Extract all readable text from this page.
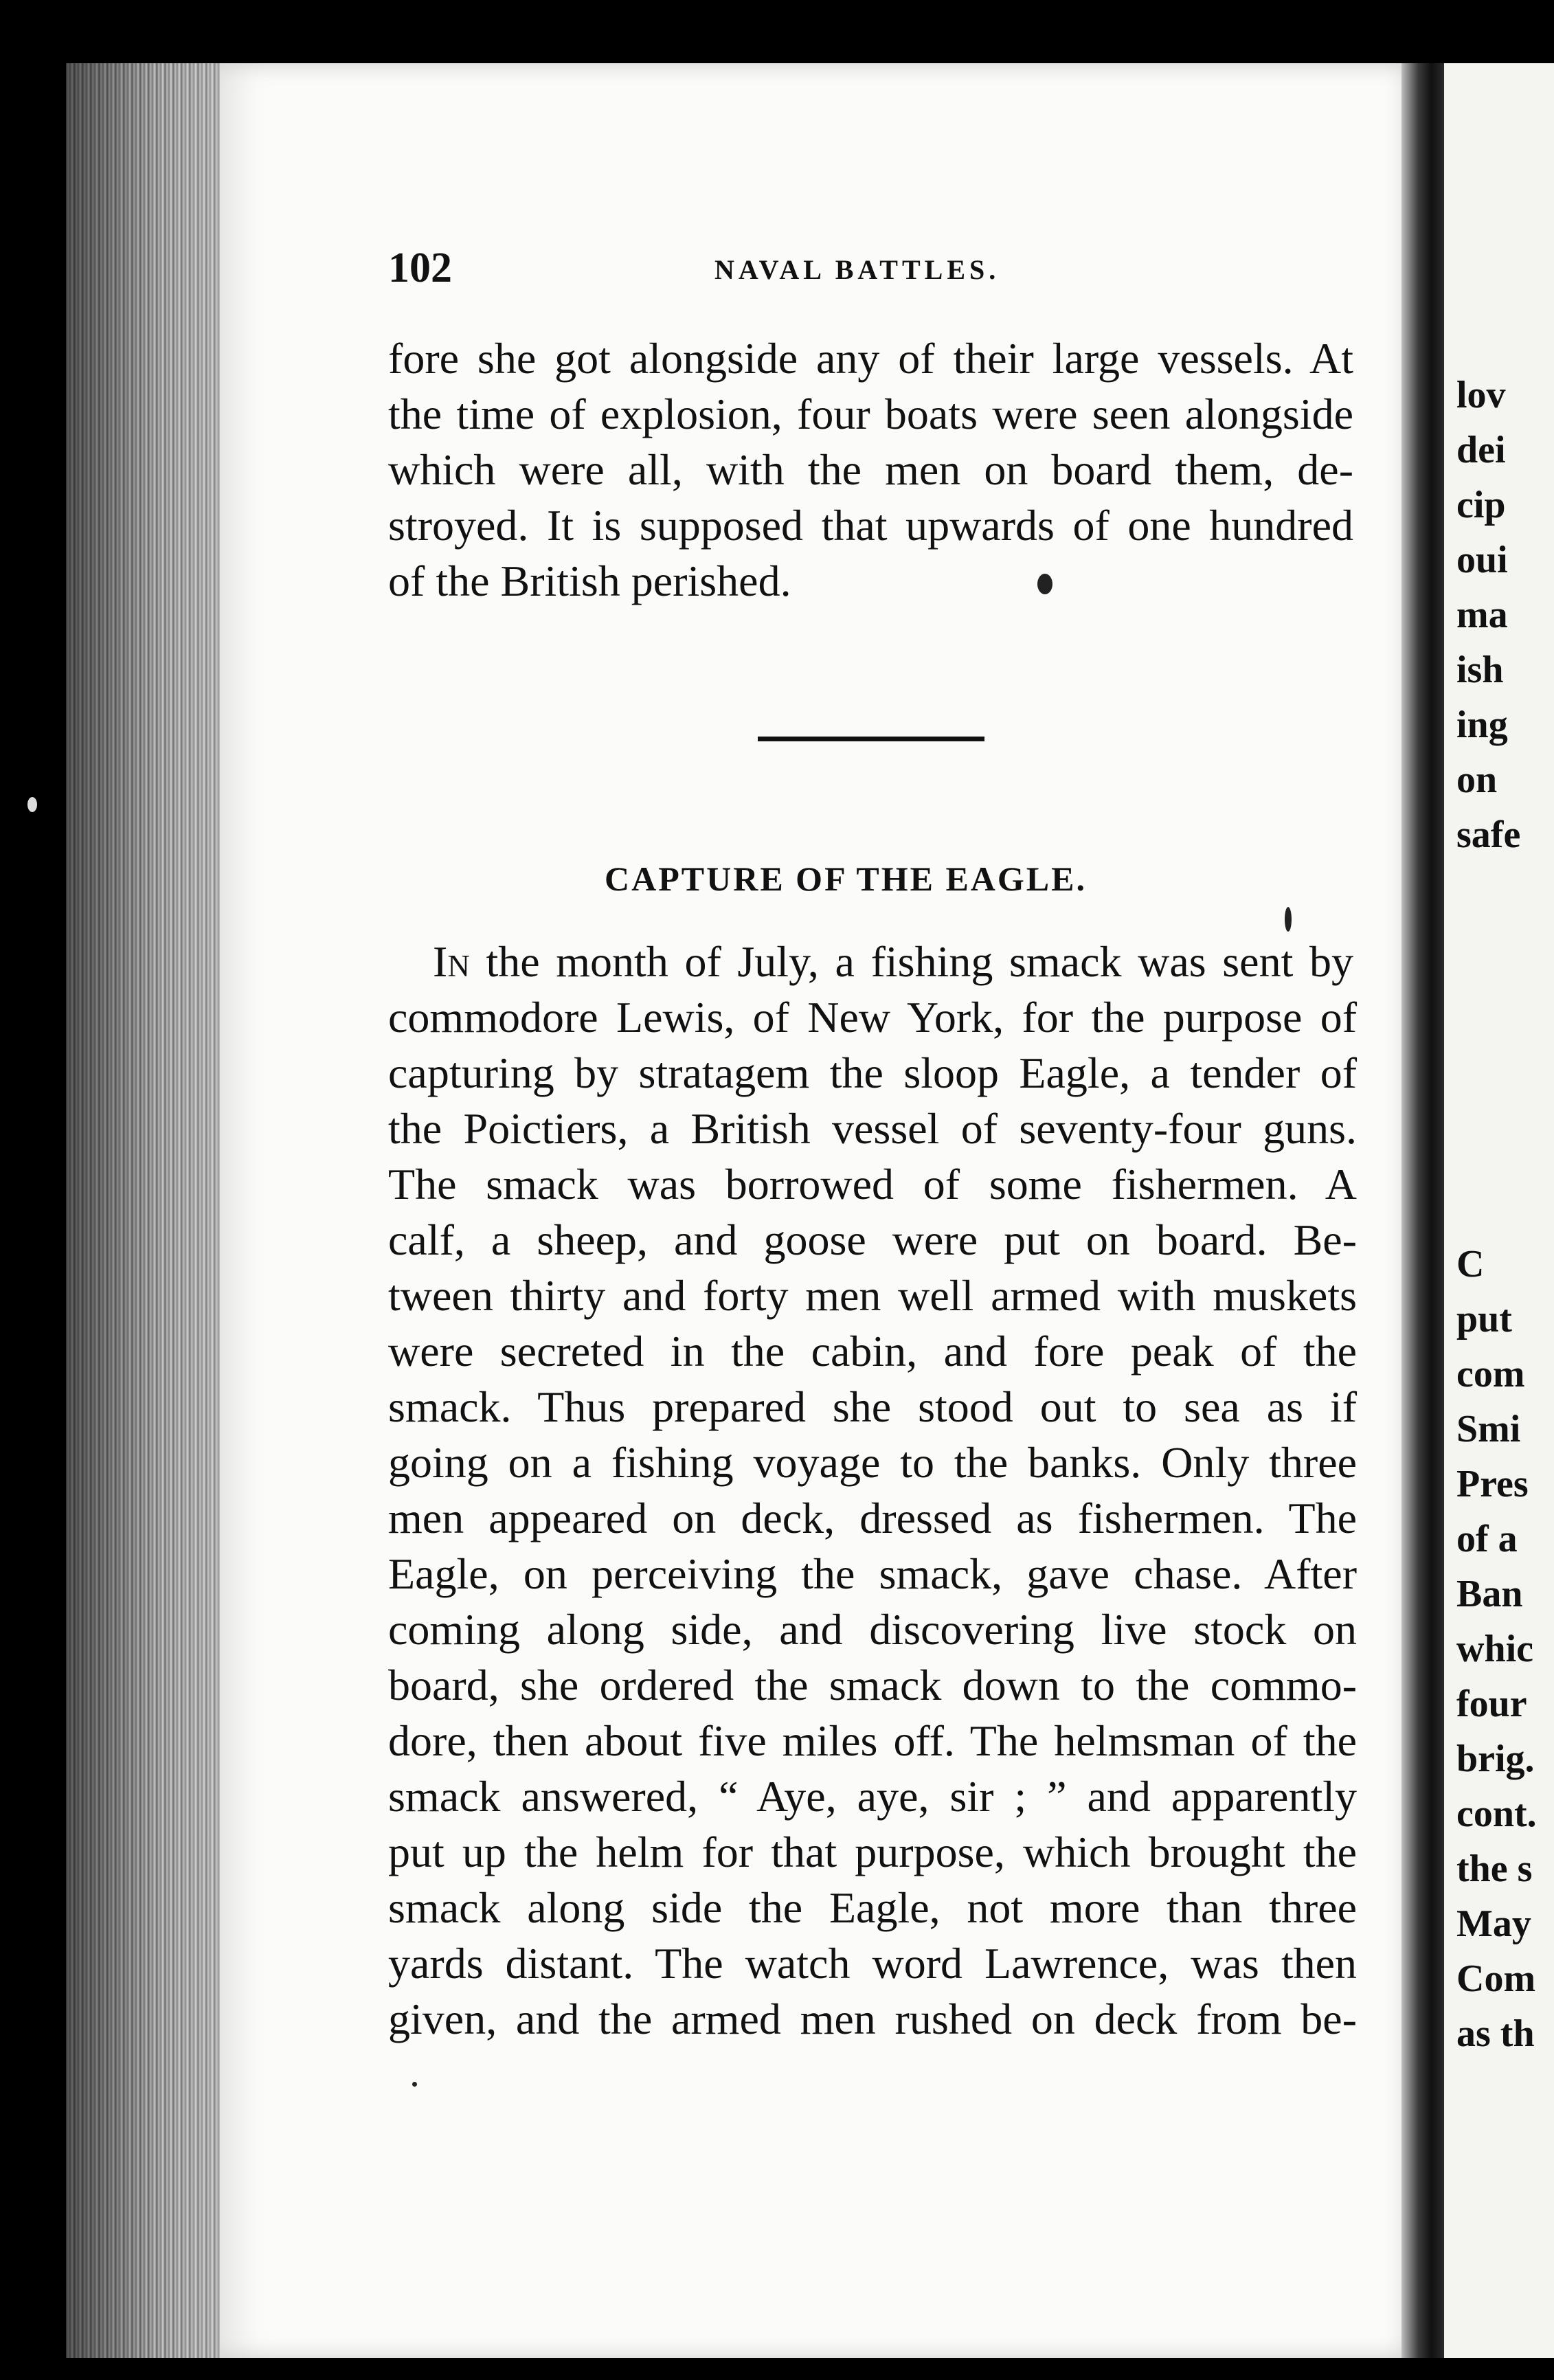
lov
dei
cip
oui
ma
ish
ing
on
safe
C
put
com
Smi
Pres
of a
Ban
whic
four
brig.
cont.
the s
May
Com
as th
102	NAVAL BATTLES.
fore she got alongside any of their large vessels. At
the time of explosion, four boats were seen alongside
which were all, with the men on board them, de-
stroyed. It is supposed that upwards of one hundred
of the British perished.
CAPTURE OF THE EAGLE.
In the month of July, a fishing smack was sent by
commodore Lewis, of New York, for the purpose of
capturing by stratagem the sloop Eagle, a tender of
the Poictiers, a British vessel of seventy-four guns.
The smack was borrowed of some fishermen. A
calf, a sheep, and goose were put on board. Be-
tween thirty and forty men well armed with muskets
were secreted in the cabin, and fore peak of the
smack. Thus prepared she stood out to sea as if
going on a fishing voyage to the banks. Only three
men appeared on deck, dressed as fishermen. The
Eagle, on perceiving the smack, gave chase. After
coming along side, and discovering live stock on
board, she ordered the smack down to the commo-
dore, then about five miles off. The helmsman of the
smack answered, “ Aye, aye, sir ; ” and apparently
put up the helm for that purpose, which brought the
smack along side the Eagle, not more than three
yards distant. The watch word Lawrence, was then
given, and the armed men rushed on deck from be-
